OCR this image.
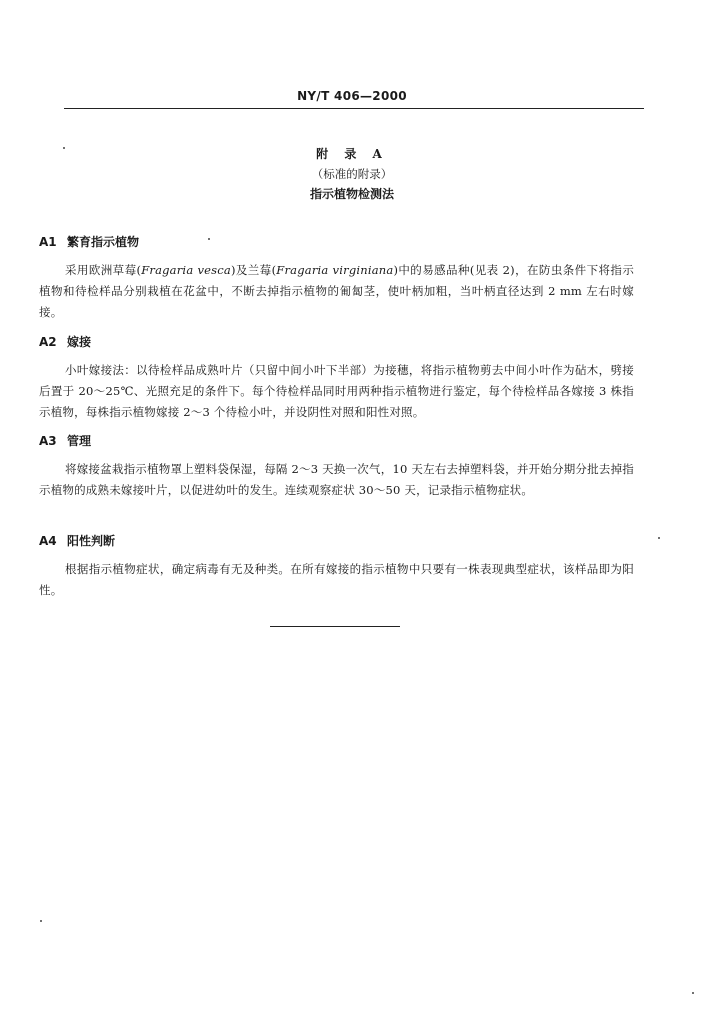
NY/T 406—2000
附 录 A
（标准的附录）
指示植物检测法
A1 繁育指示植物
采用欧洲草莓(Fragaria vesca)及兰莓(Fragaria virginiana)中的易感品种(见表 2)，在防虫条件下将指示植物和待检样品分别栽植在花盆中，不断去掉指示植物的匍匐茎，使叶柄加粗，当叶柄直径达到 2 mm 左右时嫁接。
A2 嫁接
小叶嫁接法：以待检样品成熟叶片（只留中间小叶下半部）为接穗，将指示植物剪去中间小叶作为砧木，劈接后置于 20～25℃、光照充足的条件下。每个待检样品同时用两种指示植物进行鉴定，每个待检样品各嫁接 3 株指示植物，每株指示植物嫁接 2～3 个待检小叶，并设阴性对照和阳性对照。
A3 管理
将嫁接盆栽指示植物罩上塑料袋保湿，每隔 2～3 天换一次气，10 天左右去掉塑料袋，并开始分期分批去掉指示植物的成熟未嫁接叶片，以促进幼叶的发生。连续观察症状 30～50 天，记录指示植物症状。
A4 阳性判断
根据指示植物症状，确定病毒有无及种类。在所有嫁接的指示植物中只要有一株表现典型症状，该样品即为阳性。
